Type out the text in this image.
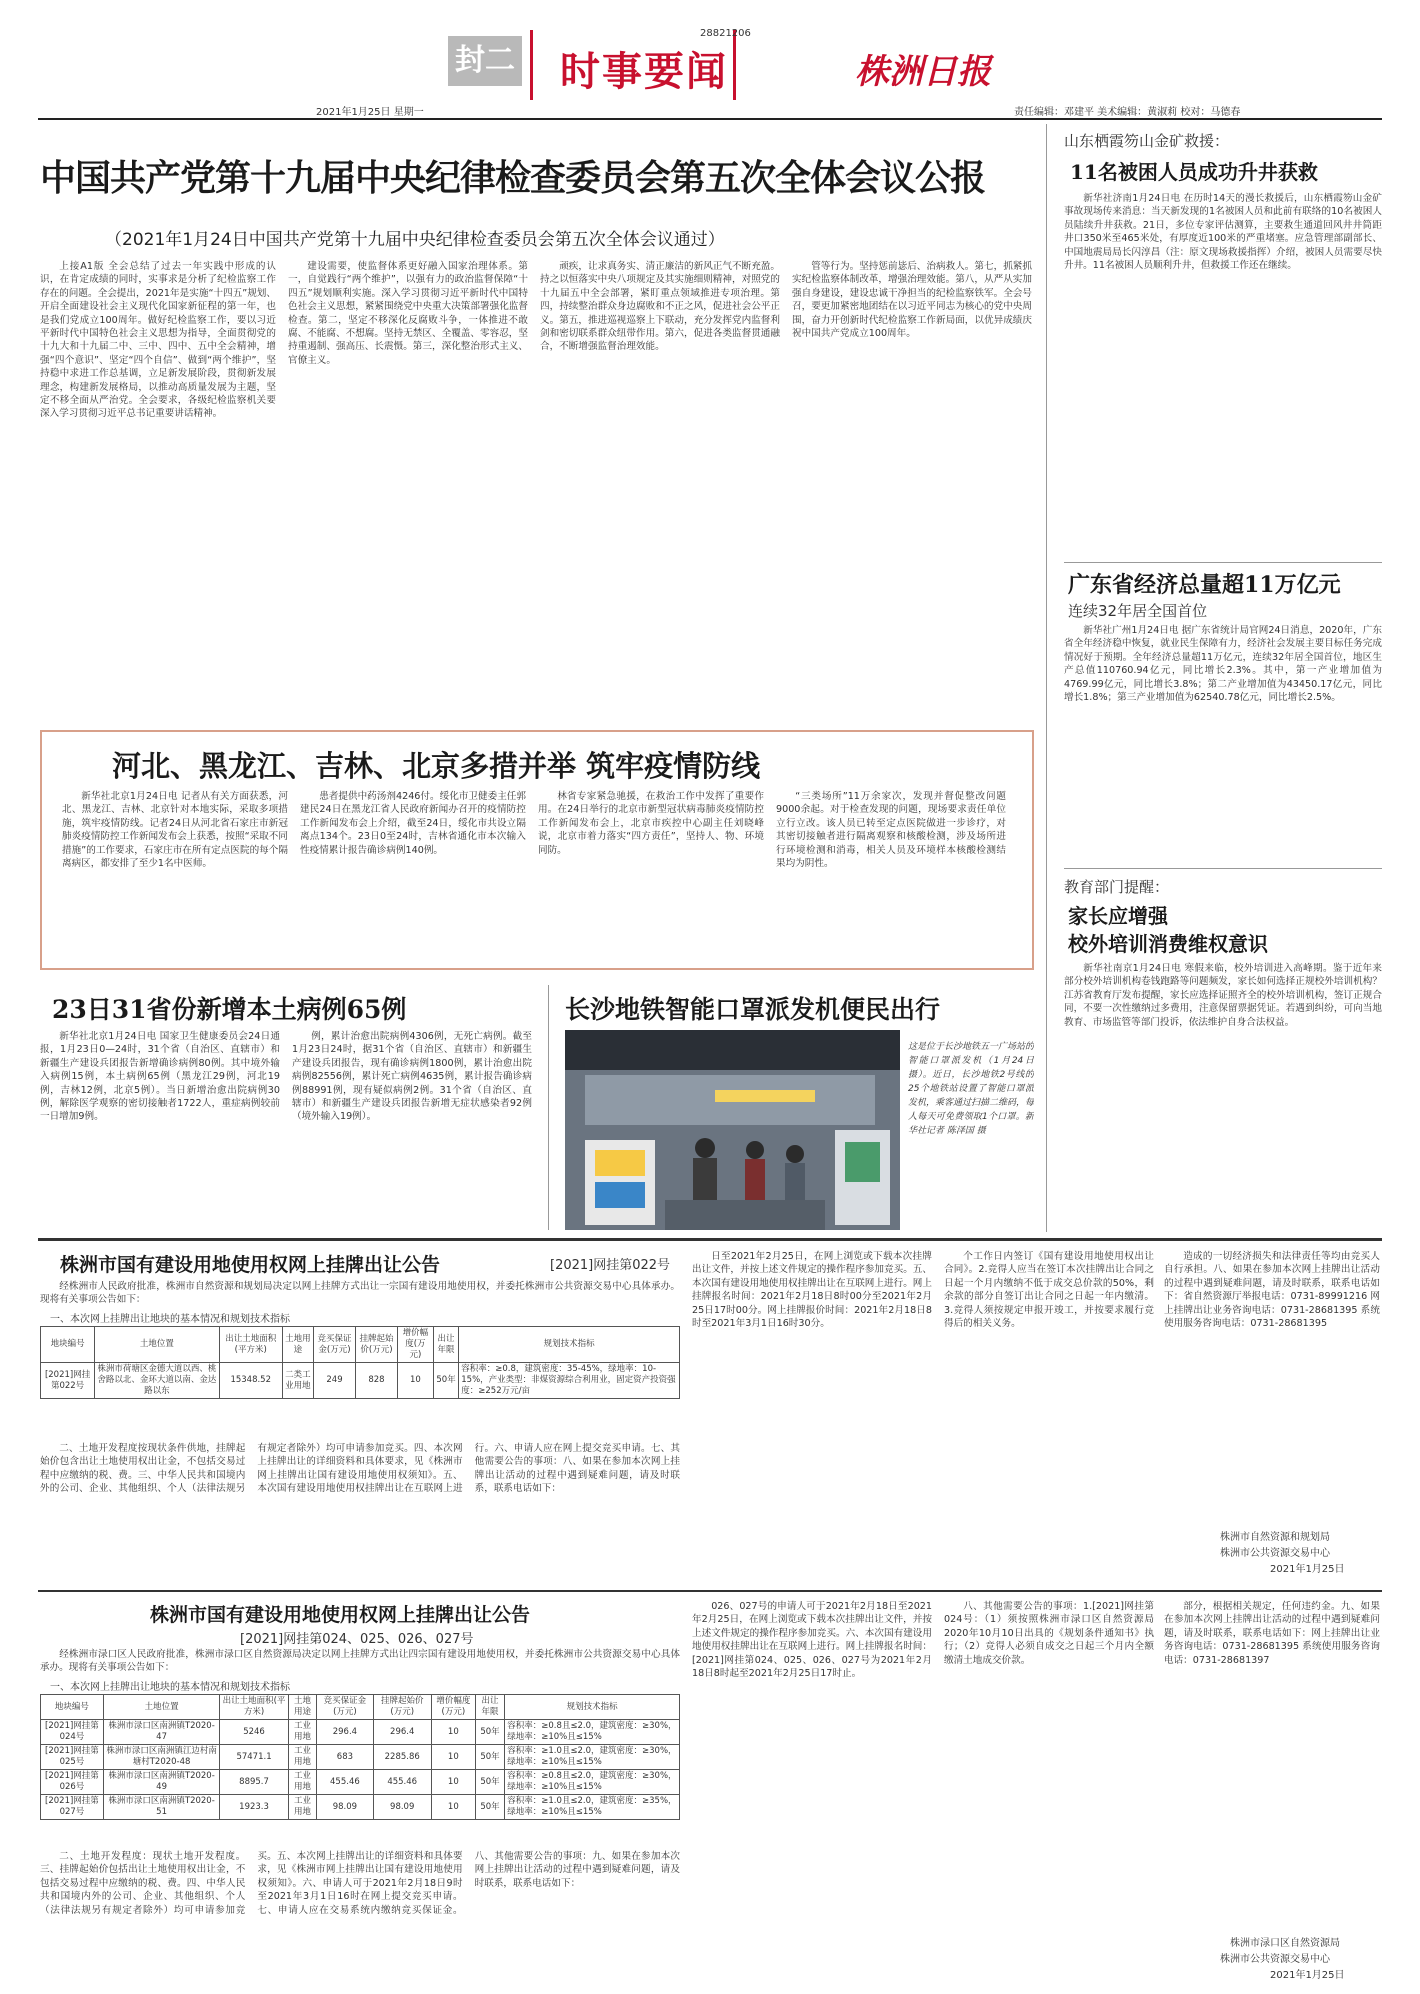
封二 时事要闻
28821206
株洲日报
2021年1月25日 星期一	责任编辑：邓建平 美术编辑：黄淑莉 校对：马德春
中国共产党第十九届中央纪律检查委员会第五次全体会议公报
（2021年1月24日中国共产党第十九届中央纪律检查委员会第五次全体会议通过）

上接A1版 全会总结了过去一年实践中形成的认识，在肯定成绩的同时，实事求是分析了纪检监察工作存在的问题。全会提出，2021年是实施“十四五”规划、开启全面建设社会主义现代化国家新征程的第一年，也是我们党成立100周年。做好纪检监察工作，要以习近平新时代中国特色社会主义思想为指导，全面贯彻党的十九大和十九届二中、三中、四中、五中全会精神，增强“四个意识”、坚定“四个自信”、做到“两个维护”，坚持稳中求进工作总基调，立足新发展阶段，贯彻新发展理念，构建新发展格局，以推动高质量发展为主题，坚定不移全面从严治党。全会要求，各级纪检监察机关要深入学习贯彻习近平总书记重要讲话精神。

建设需要，使监督体系更好融入国家治理体系。第一，自觉践行“两个维护”，以强有力的政治监督保障“十四五”规划顺利实施。深入学习贯彻习近平新时代中国特色社会主义思想，紧紧围绕党中央重大决策部署强化监督检查。第二，坚定不移深化反腐败斗争，一体推进不敢腐、不能腐、不想腐。坚持无禁区、全覆盖、零容忍，坚持重遏制、强高压、长震慑。第三，深化整治形式主义、官僚主义。

顽疾，让求真务实、清正廉洁的新风正气不断充盈。持之以恒落实中央八项规定及其实施细则精神，对照党的十九届五中全会部署，紧盯重点领域推进专项治理。第四，持续整治群众身边腐败和不正之风，促进社会公平正义。第五，推进巡视巡察上下联动，充分发挥党内监督利剑和密切联系群众纽带作用。第六，促进各类监督贯通融合，不断增强监督治理效能。

管等行为。坚持惩前毖后、治病救人。第七，抓紧抓实纪检监察体制改革，增强治理效能。第八，从严从实加强自身建设，建设忠诚干净担当的纪检监察铁军。全会号召，要更加紧密地团结在以习近平同志为核心的党中央周围，奋力开创新时代纪检监察工作新局面，以优异成绩庆祝中国共产党成立100周年。

河北、黑龙江、吉林、北京多措并举 筑牢疫情防线

新华社北京1月24日电 记者从有关方面获悉，河北、黑龙江、吉林、北京针对本地实际，采取多项措施，筑牢疫情防线。记者24日从河北省石家庄市新冠肺炎疫情防控工作新闻发布会上获悉，按照“采取不同措施”的工作要求，石家庄市在所有定点医院的每个隔离病区，都安排了至少1名中医师。

患者提供中药汤剂4246付。绥化市卫健委主任郭建民24日在黑龙江省人民政府新闻办召开的疫情防控工作新闻发布会上介绍，截至24日，绥化市共设立隔离点134个。23日0至24时，吉林省通化市本次输入性疫情累计报告确诊病例140例。

林省专家紧急驰援，在救治工作中发挥了重要作用。在24日举行的北京市新型冠状病毒肺炎疫情防控工作新闻发布会上，北京市疾控中心副主任刘晓峰说，北京市着力落实“四方责任”，坚持人、物、环境同防。

“三类场所”11万余家次，发现并督促整改问题9000余起。对于检查发现的问题，现场要求责任单位立行立改。该人员已转至定点医院做进一步诊疗，对其密切接触者进行隔离观察和核酸检测，涉及场所进行环境检测和消毒，相关人员及环境样本核酸检测结果均为阴性。

23日31省份新增本土病例65例

新华社北京1月24日电 国家卫生健康委员会24日通报，1月23日0—24时，31个省（自治区、直辖市）和新疆生产建设兵团报告新增确诊病例80例。其中境外输入病例15例，本土病例65例（黑龙江29例，河北19例，吉林12例，北京5例）。当日新增治愈出院病例30例，解除医学观察的密切接触者1722人，重症病例较前一日增加9例。

例，累计治愈出院病例4306例，无死亡病例。截至1月23日24时，据31个省（自治区、直辖市）和新疆生产建设兵团报告，现有确诊病例1800例，累计治愈出院病例82556例，累计死亡病例4635例，累计报告确诊病例88991例，现有疑似病例2例。31个省（自治区、直辖市）和新疆生产建设兵团报告新增无症状感染者92例（境外输入19例）。

长沙地铁智能口罩派发机便民出行
这是位于长沙地铁五一广场站的智能口罩派发机（1月24日摄）。近日，长沙地铁2号线的25个地铁站设置了智能口罩派发机，乘客通过扫描二维码，每人每天可免费领取1个口罩。新华社记者 陈泽国 摄
山东栖霞笏山金矿救援：
11名被困人员成功升井获救

新华社济南1月24日电 在历时14天的漫长救援后，山东栖霞笏山金矿事故现场传来消息：当天新发现的1名被困人员和此前有联络的10名被困人员陆续升井获救。21日，多位专家评估测算，主要救生通道回风井井筒距井口350米至465米处，有厚度近100米的严重堵塞。应急管理部副部长、中国地震局局长闪淳昌（注：原文现场救援指挥）介绍，被困人员需要尽快升井。11名被困人员顺利升井，但救援工作还在继续。

广东省经济总量超11万亿元
连续32年居全国首位

新华社广州1月24日电 据广东省统计局官网24日消息，2020年，广东省全年经济稳中恢复，就业民生保障有力，经济社会发展主要目标任务完成情况好于预期。全年经济总量超11万亿元，连续32年居全国首位，地区生产总值110760.94亿元，同比增长2.3%。其中，第一产业增加值为4769.99亿元，同比增长3.8%；第二产业增加值为43450.17亿元，同比增长1.8%；第三产业增加值为62540.78亿元，同比增长2.5%。

教育部门提醒：
家长应增强
校外培训消费维权意识

新华社南京1月24日电 寒假来临，校外培训进入高峰期。鉴于近年来部分校外培训机构卷钱跑路等问题频发，家长如何选择正规校外培训机构？江苏省教育厅发布提醒，家长应选择证照齐全的校外培训机构，签订正规合同，不要一次性缴纳过多费用，注意保留票据凭证。若遇到纠纷，可向当地教育、市场监管等部门投诉，依法维护自身合法权益。

株洲市国有建设用地使用权网上挂牌出让公告	[2021]网挂第022号

经株洲市人民政府批准，株洲市自然资源和规划局决定以网上挂牌方式出让一宗国有建设用地使用权，并委托株洲市公共资源交易中心具体承办。现将有关事项公告如下：

一、本次网上挂牌出让地块的基本情况和规划技术指标
地块编号	土地位置	出让土地面积(平方米)	土地用途	竞买保证金(万元)	挂牌起始价(万元)	增价幅度(万元)	出让年限	规划技术指标
[2021]网挂第022号	株洲市荷塘区金德大道以西、桃舍路以北、金环大道以南、金达路以东	15348.52	二类工业用地	249	828	10	50年	容积率：≥0.8，建筑密度：35-45%，绿地率：10-15%，产业类型：非煤资源综合利用业，固定资产投资强度：≥252万元/亩

二、土地开发程度按现状条件供地，挂牌起始价包含出让土地使用权出让金，不包括交易过程中应缴纳的税、费。三、中华人民共和国境内外的公司、企业、其他组织、个人（法律法规另有规定者除外）均可申请参加竞买。四、本次网上挂牌出让的详细资料和具体要求，见《株洲市网上挂牌出让国有建设用地使用权须知》。五、本次国有建设用地使用权挂牌出让在互联网上进行。六、申请人应在网上提交竞买申请。七、其他需要公告的事项：八、如果在参加本次网上挂牌出让活动的过程中遇到疑难问题，请及时联系，联系电话如下：

日至2021年2月25日，在网上浏览或下载本次挂牌出让文件，并按上述文件规定的操作程序参加竞买。五、本次国有建设用地使用权挂牌出让在互联网上进行。网上挂牌报名时间：2021年2月18日8时00分至2021年2月25日17时00分。网上挂牌报价时间：2021年2月18日8时至2021年3月1日16时30分。

个工作日内签订《国有建设用地使用权出让合同》。2.竞得人应当在签订本次挂牌出让合同之日起一个月内缴纳不低于成交总价款的50%，剩余款的部分自签订出让合同之日起一年内缴清。3.竞得人须按规定申报开竣工，并按要求履行竞得后的相关义务。

造成的一切经济损失和法律责任等均由竞买人自行承担。八、如果在参加本次网上挂牌出让活动的过程中遇到疑难问题，请及时联系，联系电话如下：省自然资源厅举报电话：0731-89991216 网上挂牌出让业务咨询电话：0731-28681395 系统使用服务咨询电话：0731-28681395

株洲市自然资源和规划局
株洲市公共资源交易中心
2021年1月25日
株洲市国有建设用地使用权网上挂牌出让公告
[2021]网挂第024、025、026、027号

经株洲市渌口区人民政府批准，株洲市渌口区自然资源局决定以网上挂牌方式出让四宗国有建设用地使用权，并委托株洲市公共资源交易中心具体承办。现将有关事项公告如下：

一、本次网上挂牌出让地块的基本情况和规划技术指标
地块编号	土地位置	出让土地面积(平方米)	土地用途	竞买保证金(万元)	挂牌起始价(万元)	增价幅度(万元)	出让年限	规划技术指标
[2021]网挂第024号	株洲市渌口区南洲镇T2020-47	5246	工业用地	296.4	296.4	10	50年	容积率：≥0.8且≤2.0，建筑密度：≥30%，绿地率：≥10%且≤15%
[2021]网挂第025号	株洲市渌口区南洲镇江边村南塘村T2020-48	57471.1	工业用地	683	2285.86	10	50年	容积率：≥1.0且≤2.0，建筑密度：≥30%，绿地率：≥10%且≤15%
[2021]网挂第026号	株洲市渌口区南洲镇T2020-49	8895.7	工业用地	455.46	455.46	10	50年	容积率：≥0.8且≤2.0，建筑密度：≥30%，绿地率：≥10%且≤15%
[2021]网挂第027号	株洲市渌口区南洲镇T2020-51	1923.3	工业用地	98.09	98.09	10	50年	容积率：≥1.0且≤2.0，建筑密度：≥35%，绿地率：≥10%且≤15%

二、土地开发程度：现状土地开发程度。三、挂牌起始价包括出让土地使用权出让金，不包括交易过程中应缴纳的税、费。四、中华人民共和国境内外的公司、企业、其他组织、个人（法律法规另有规定者除外）均可申请参加竞买。五、本次网上挂牌出让的详细资料和具体要求，见《株洲市网上挂牌出让国有建设用地使用权须知》。六、申请人可于2021年2月18日9时至2021年3月1日16时在网上提交竞买申请。七、申请人应在交易系统内缴纳竞买保证金。八、其他需要公告的事项：九、如果在参加本次网上挂牌出让活动的过程中遇到疑难问题，请及时联系，联系电话如下：

026、027号的申请人可于2021年2月18日至2021年2月25日，在网上浏览或下载本次挂牌出让文件，并按上述文件规定的操作程序参加竞买。六、本次国有建设用地使用权挂牌出让在互联网上进行。网上挂牌报名时间：[2021]网挂第024、025、026、027号为2021年2月18日8时起至2021年2月25日17时止。

八、其他需要公告的事项：1.[2021]网挂第024号：（1）须按照株洲市渌口区自然资源局2020年10月10日出具的《规划条件通知书》执行；（2）竞得人必须自成交之日起三个月内全额缴清土地成交价款。

部分，根据相关规定，任何违约金。九、如果在参加本次网上挂牌出让活动的过程中遇到疑难问题，请及时联系，联系电话如下：网上挂牌出让业务咨询电话：0731-28681395 系统使用服务咨询电话：0731-28681397

株洲市渌口区自然资源局
株洲市公共资源交易中心
2021年1月25日
